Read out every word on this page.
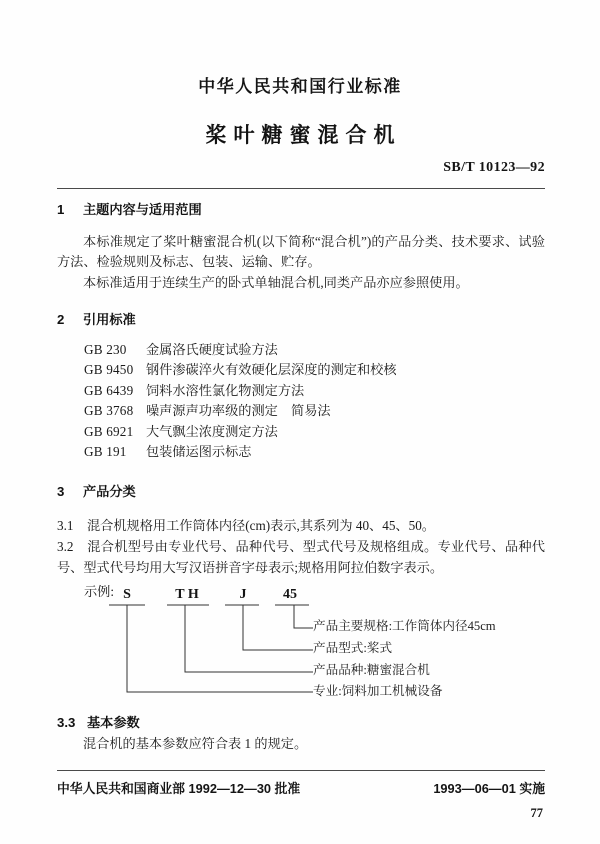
中华人民共和国行业标准
桨叶糖蜜混合机
SB/T 10123—92
1 主题内容与适用范围

本标准规定了桨叶糖蜜混合机(以下简称“混合机”)的产品分类、技术要求、试验方法、检验规则及标志、包装、运输、贮存。

本标准适用于连续生产的卧式单轴混合机,同类产品亦应参照使用。

2 引用标准
GB 230 金属洛氏硬度试验方法
GB 9450 钢件渗碳淬火有效硬化层深度的测定和校核
GB 6439 饲料水溶性氯化物测定方法
GB 3768 噪声源声功率级的测定　简易法
GB 6921 大气飘尘浓度测定方法
GB 191 包装储运图示标志
3 产品分类
3.1 混合机规格用工作筒体内径(cm)表示,其系列为 40、45、50。
3.2 混合机型号由专业代号、品种代号、型式代号及规格组成。专业代号、品种代号、型式代号均用大写汉语拼音字母表示;规格用阿拉伯数字表示。
示例: S	T H	J	45
产品主要规格:工作筒体内径45cm
产品型式:桨式
产品品种:糖蜜混合机
专业:饲料加工机械设备
3.3 基本参数

混合机的基本参数应符合表 1 的规定。

中华人民共和国商业部 1992—12—30 批准	1993—06—01 实施
77
